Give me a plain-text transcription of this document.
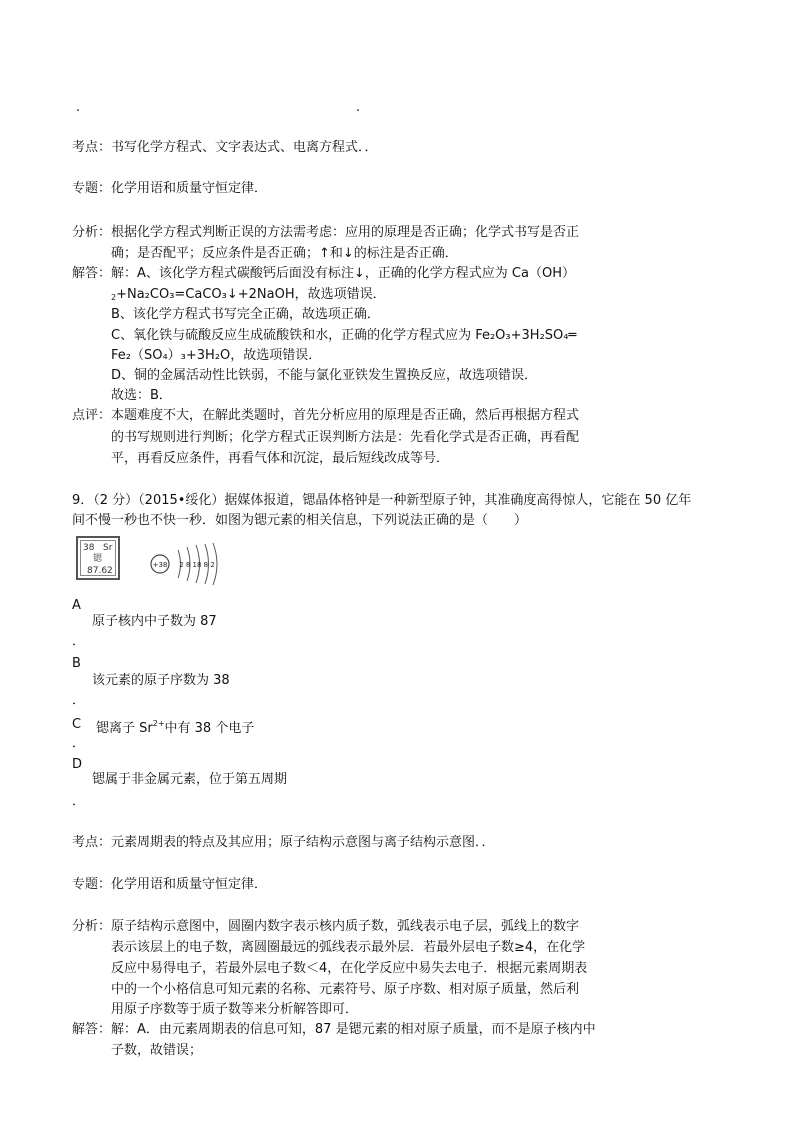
.	.
考点：书写化学方程式、文字表达式、电离方程式．．
专题：化学用语和质量守恒定律．
分析：根据化学方程式判断正误的方法需考虑：应用的原理是否正确；化学式书写是否正
确；是否配平；反应条件是否正确；↑和↓的标注是否正确．
解答：解：A、该化学方程式碳酸钙后面没有标注↓，正确的化学方程式应为 Ca（OH）
$_2$+Na₂CO₃=CaCO₃↓+2NaOH，故选项错误．
B、该化学方程式书写完全正确，故选项正确．
C、氧化铁与硫酸反应生成硫酸铁和水，正确的化学方程式应为 Fe₂O₃+3H₂SO₄═
Fe₂（SO₄）₃+3H₂O，故选项错误．
D、铜的金属活动性比铁弱，不能与氯化亚铁发生置换反应，故选项错误．
故选：B．
点评：本题难度不大，在解此类题时，首先分析应用的原理是否正确，然后再根据方程式
的书写规则进行判断；化学方程式正误判断方法是：先看化学式是否正确，再看配
平，再看反应条件，再看气体和沉淀，最后短线改成等号．
9．（2 分）（2015•绥化）据媒体报道，锶晶体格钟是一种新型原子钟，其准确度高得惊人，它能在 50 亿年
间不慢一秒也不快一秒．如图为锶元素的相关信息，下列说法正确的是（　　）
38 Sr
锶
87.62
+38 2 8 18 8 2
A
原子核内中子数为 87
．
B
该元素的原子序数为 38
．
C 锶离子 $Sr^{2+}$中有 38 个电子
．
D
锶属于非金属元素，位于第五周期
．
考点：元素周期表的特点及其应用；原子结构示意图与离子结构示意图．．
专题：化学用语和质量守恒定律．
分析：原子结构示意图中，圆圈内数字表示核内质子数，弧线表示电子层，弧线上的数字
表示该层上的电子数，离圆圈最远的弧线表示最外层．若最外层电子数≥4，在化学
反应中易得电子，若最外层电子数＜4，在化学反应中易失去电子．根据元素周期表
中的一个小格信息可知元素的名称、元素符号、原子序数、相对原子质量，然后利
用原子序数等于质子数等来分析解答即可．
解答：解：A．由元素周期表的信息可知，87 是锶元素的相对原子质量，而不是原子核内中
子数，故错误；
